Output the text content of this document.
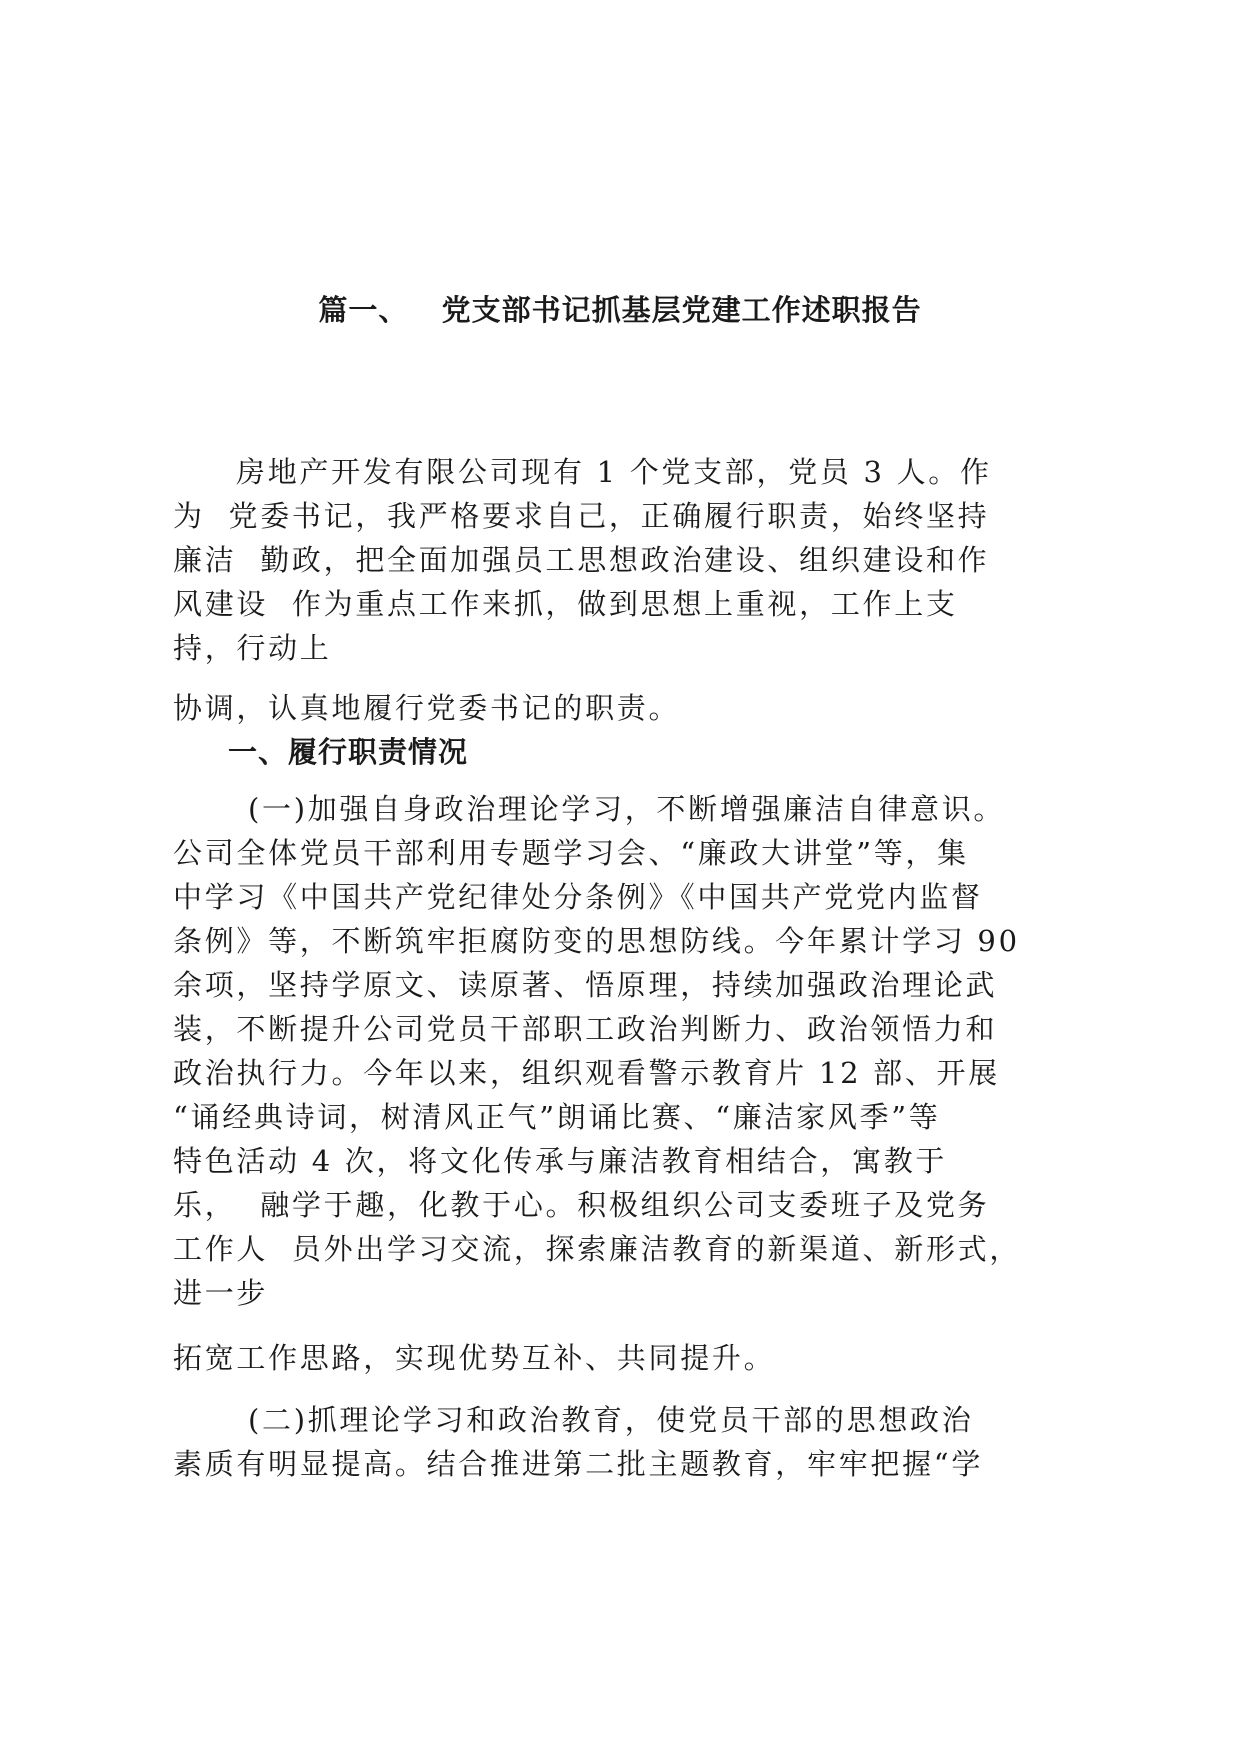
篇一、   党支部书记抓基层党建工作述职报告

房地产开发有限公司现有 1 个党支部，党员 3 人。作

为  党委书记，我严格要求自己，正确履行职责，始终坚持

廉洁  勤政，把全面加强员工思想政治建设、组织建设和作

风建设  作为重点工作来抓，做到思想上重视，工作上支

持，行动上

协调，认真地履行党委书记的职责。

一、履行职责情况

(一)加强自身政治理论学习，不断增强廉洁自律意识。

公司全体党员干部利用专题学习会、“廉政大讲堂”等，集

中学习《中国共产党纪律处分条例》《中国共产党党内监督

条例》等，不断筑牢拒腐防变的思想防线。今年累计学习 90

余项，坚持学原文、读原著、悟原理，持续加强政治理论武

装，不断提升公司党员干部职工政治判断力、政治领悟力和

政治执行力。今年以来，组织观看警示教育片 12 部、开展

“诵经典诗词，树清风正气”朗诵比赛、“廉洁家风季”等

特色活动 4 次，将文化传承与廉洁教育相结合，寓教于

乐，  融学于趣，化教于心。积极组织公司支委班子及党务

工作人  员外出学习交流，探索廉洁教育的新渠道、新形式，

进一步

拓宽工作思路，实现优势互补、共同提升。

(二)抓理论学习和政治教育，使党员干部的思想政治

素质有明显提高。结合推进第二批主题教育，牢牢把握“学
